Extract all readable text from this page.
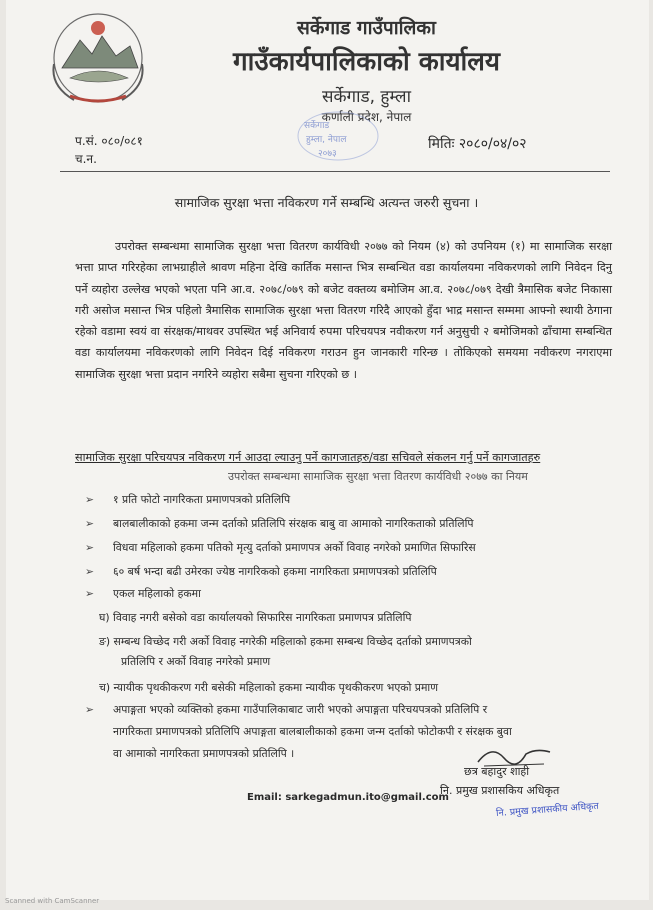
सर्केगाड गाउँपालिका
गाउँकार्यपालिकाको कार्यालय
सर्केगाड, हुम्ला
कर्णाली प्रदेश, नेपाल
सर्केगाड
हुम्ला, नेपाल
२०७३
प.सं. ०८०/०८१
च.न.
मितिः २०८०/०४/०२
सामाजिक सुरक्षा भत्ता नविकरण गर्ने सम्बन्धि अत्यन्त जरुरी सुचना ।

उपरोक्त सम्बन्धमा सामाजिक सुरक्षा भत्ता वितरण कार्यविधी २०७७ को नियम (४) को उपनियम (१) मा सामाजिक सरक्षा भत्ता प्राप्त गरिरहेका लाभग्राहीले श्रावण महिना देखि कार्तिक मसान्त भित्र सम्बन्धित वडा कार्यालयमा नविकरणको लागि निवेदन दिनु पर्ने व्यहोरा उल्लेख भएको भएता पनि आ.व. २०७८/०७९ को बजेट वक्तव्य बमोजिम आ.व. २०७८/०७९ देखी त्रैमासिक बजेट निकासा गरी असोज मसान्त भित्र पहिलो त्रैमासिक सामाजिक सुरक्षा भत्ता वितरण गरिदै आएको हुँदा भाद्र मसान्त सम्ममा आफ्नो स्थायी ठेगाना रहेको वडामा स्वयं वा संरक्षक/माथवर उपस्थित भई अनिवार्य रुपमा परिचयपत्र नवीकरण गर्न अनुसुची २ बमोजिमको ढाँचामा सम्बन्धित वडा कार्यालयमा नविकरणको लागि निवेदन दिई नविकरण गराउन हुन जानकारी गरिन्छ । तोकिएको समयमा नवीकरण नगराएमा सामाजिक सुरक्षा भत्ता प्रदान नगरिने व्यहोरा सबैमा सुचना गरिएको छ ।

सामाजिक सुरक्षा परिचयपत्र नविकरण गर्न आउदा ल्याउनु पर्ने कागजातहरु/वडा सचिवले संकलन गर्नु पर्ने कागजातहरु

उपरोक्त सम्बन्धमा सामाजिक सुरक्षा भत्ता वितरण कार्यविधी २०७७ का नियम
➢	१ प्रति फोटो नागरिकता प्रमाणपत्रको प्रतिलिपि
➢	बालबालीकाको हकमा जन्म दर्ताको प्रतिलिपि संरक्षक बाबु वा आमाको नागरिकताको प्रतिलिपि
➢	विधवा महिलाको हकमा पतिको मृत्यु दर्ताको प्रमाणपत्र अर्को विवाह नगरेको प्रमाणित सिफारिस
➢	६० बर्ष भन्दा बढी उमेरका ज्येष्ठ नागरिकको हकमा नागरिकता प्रमाणपत्रको प्रतिलिपि
➢	एकल महिलाको हकमा
घ) विवाह नगरी बसेको वडा कार्यालयको सिफारिस नागरिकता प्रमाणपत्र प्रतिलिपि
ङ) सम्बन्ध विच्छेद गरी अर्को विवाह नगरेकी महिलाको हकमा सम्बन्ध विच्छेद दर्ताको प्रमाणपत्रको
प्रतिलिपि र अर्को विवाह नगरेको प्रमाण
च) न्यायीक पृथकीकरण गरी बसेकी महिलाको हकमा न्यायीक पृथकीकरण भएको प्रमाण
➢	अपाङ्गता भएको व्यक्तिको हकमा गाउँपालिकाबाट जारी भएको अपाङ्गता परिचयपत्रको प्रतिलिपि र
नागरिकता प्रमाणपत्रको प्रतिलिपि अपाङ्गता बालबालीकाको हकमा जन्म दर्ताको फोटोकपी र संरक्षक बुवा
वा आमाको नागरिकता प्रमाणपत्रको प्रतिलिपि ।
छत्र बहादुर शाही
नि. प्रमुख प्रशासकिय अधिकृत
Email: sarkegadmun.ito@gmail.com
नि. प्रमुख प्रशासकीय अधिकृत
Scanned with CamScanner
